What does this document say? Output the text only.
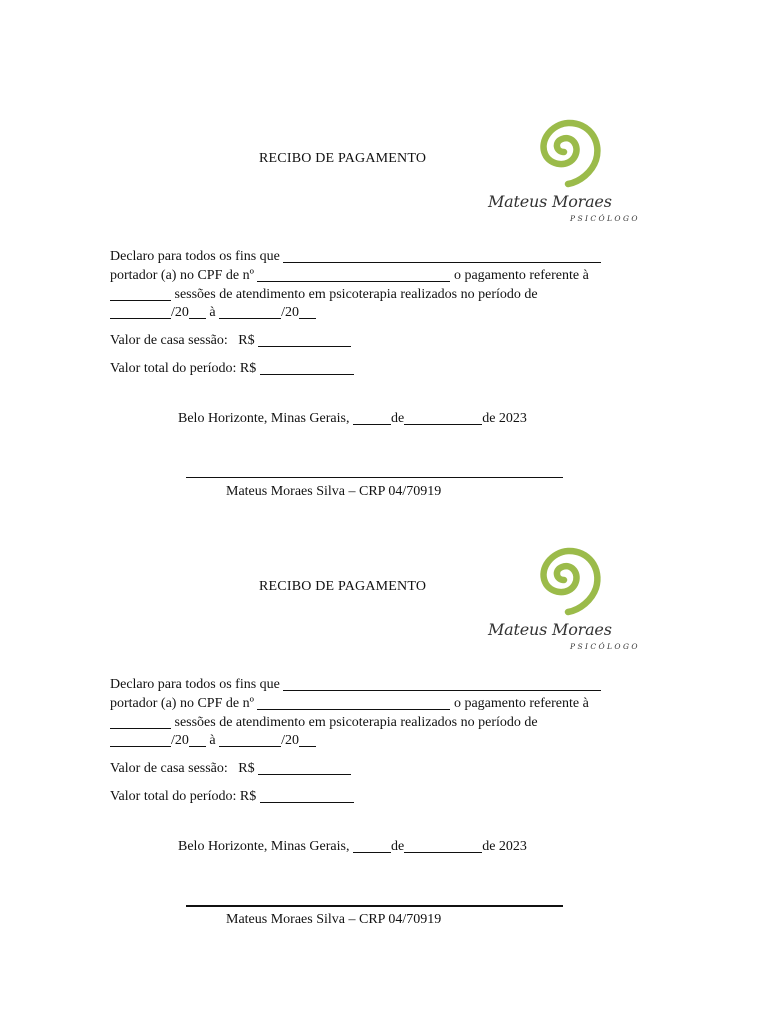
RECIBO DE PAGAMENTO
Mateus Moraes
PSICÓLOGO
Declaro para todos os fins que
portador (a) no CPF de nº	o pagamento referente à
sessões de atendimento em psicoterapia realizados no período de
/20 à	/20
Valor de casa sessão: R$
Valor total do período: R$
Belo Horizonte, Minas Gerais,	de	de 2023
Mateus Moraes Silva – CRP 04/70919
RECIBO DE PAGAMENTO
Mateus Moraes
PSICÓLOGO
Declaro para todos os fins que
portador (a) no CPF de nº	o pagamento referente à
sessões de atendimento em psicoterapia realizados no período de
/20 à	/20
Valor de casa sessão: R$
Valor total do período: R$
Belo Horizonte, Minas Gerais,	de	de 2023
Mateus Moraes Silva – CRP 04/70919
